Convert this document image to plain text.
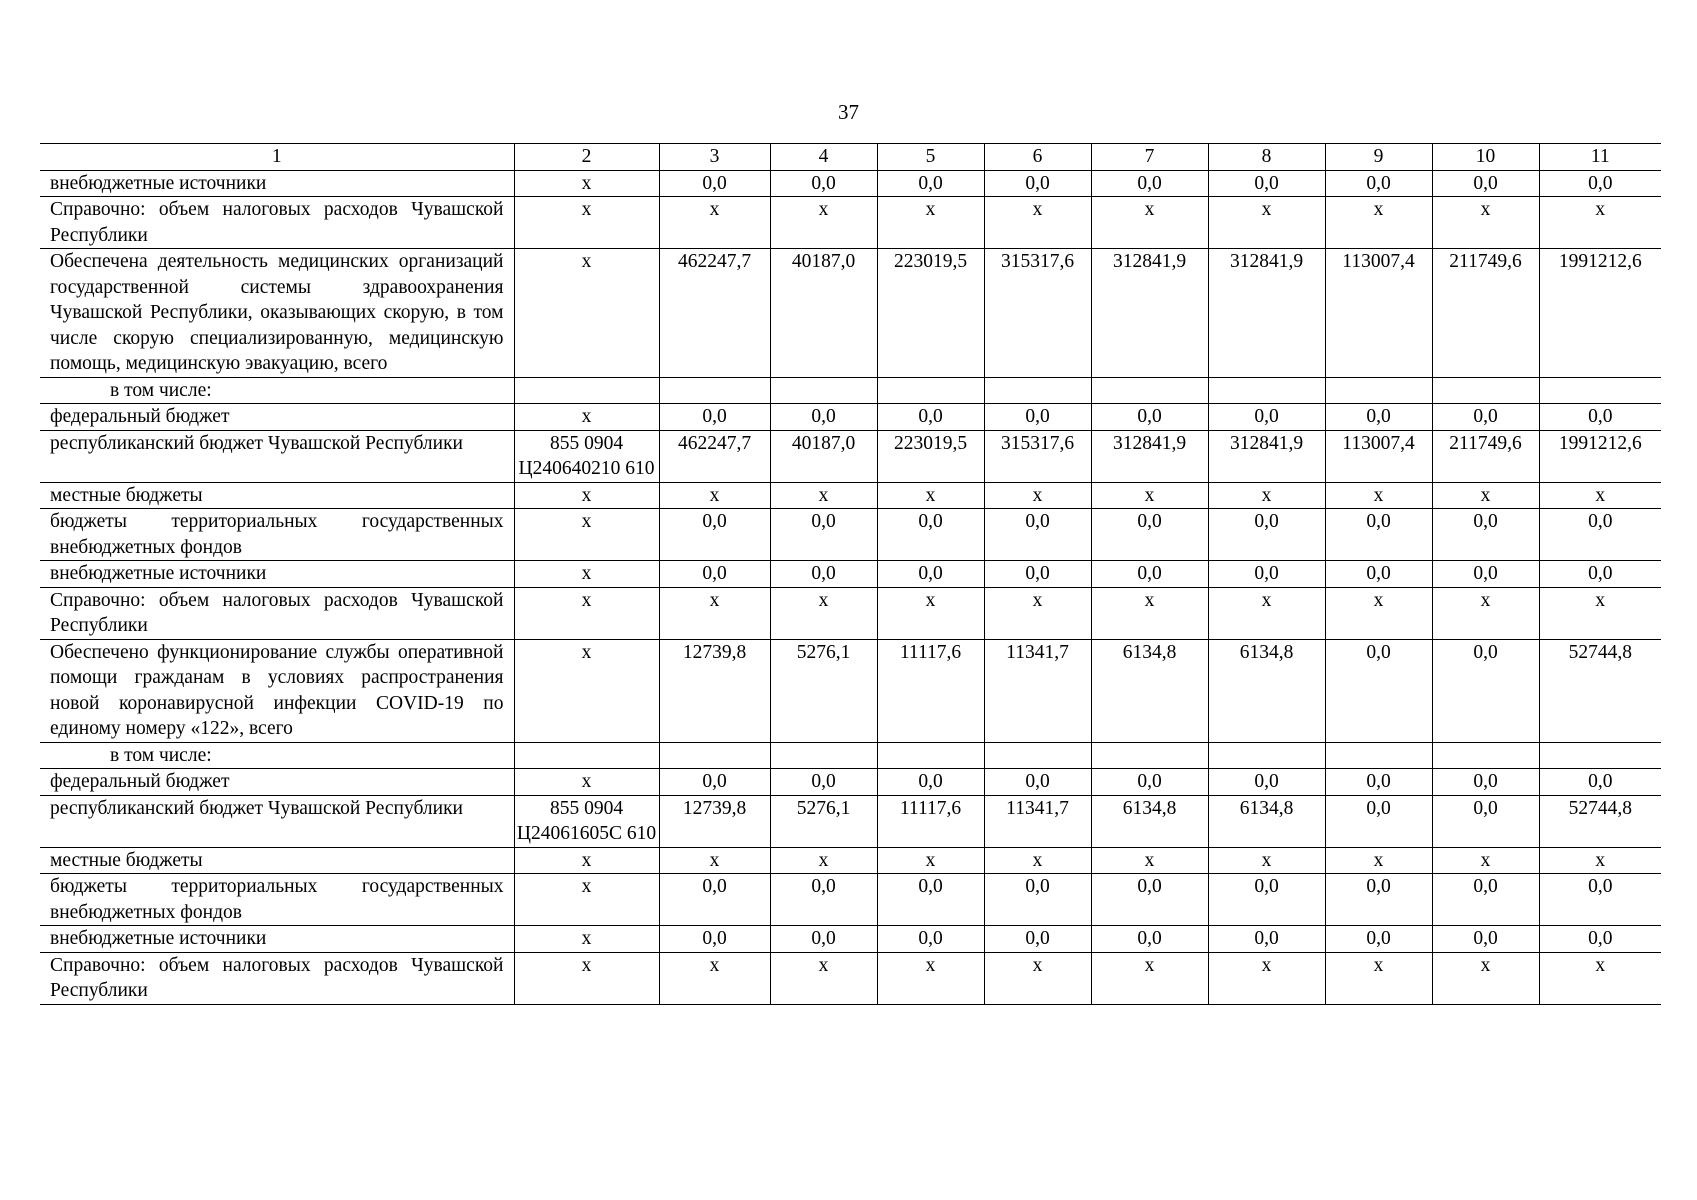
37
1	2	3	4	5	6	7	8	9	10	11
внебюджетные источники	x	0,0	0,0	0,0	0,0	0,0	0,0	0,0	0,0	0,0
Справочно: объем налоговых расходов Чувашской Республики	x	x	x	x	x	x	x	x	x	x
Обеспечена деятельность медицинских организаций государственной системы здравоохранения Чувашской Республики, оказывающих скорую, в том числе скорую специализированную, медицинскую помощь, медицинскую эвакуацию, всего	x	462247,7	40187,0	223019,5	315317,6	312841,9	312841,9	113007,4	211749,6	1991212,6
в том числе:										
федеральный бюджет	x	0,0	0,0	0,0	0,0	0,0	0,0	0,0	0,0	0,0
республиканский бюджет Чувашской Республики	855 0904 Ц240640210 610	462247,7	40187,0	223019,5	315317,6	312841,9	312841,9	113007,4	211749,6	1991212,6
местные бюджеты	x	x	x	x	x	x	x	x	x	x
бюджеты территориальных государственных внебюджетных фондов	x	0,0	0,0	0,0	0,0	0,0	0,0	0,0	0,0	0,0
внебюджетные источники	x	0,0	0,0	0,0	0,0	0,0	0,0	0,0	0,0	0,0
Справочно: объем налоговых расходов Чувашской Республики	x	x	x	x	x	x	x	x	x	x
Обеспечено функционирование службы оперативной помощи гражданам в условиях распространения новой коронавирусной инфекции COVID-19 по единому номеру «122», всего	x	12739,8	5276,1	11117,6	11341,7	6134,8	6134,8	0,0	0,0	52744,8
в том числе:										
федеральный бюджет	x	0,0	0,0	0,0	0,0	0,0	0,0	0,0	0,0	0,0
республиканский бюджет Чувашской Республики	855 0904 Ц24061605С 610	12739,8	5276,1	11117,6	11341,7	6134,8	6134,8	0,0	0,0	52744,8
местные бюджеты	x	x	x	x	x	x	x	x	x	x
бюджеты территориальных государственных внебюджетных фондов	x	0,0	0,0	0,0	0,0	0,0	0,0	0,0	0,0	0,0
внебюджетные источники	x	0,0	0,0	0,0	0,0	0,0	0,0	0,0	0,0	0,0
Справочно: объем налоговых расходов Чувашской Республики	x	x	x	x	x	x	x	x	x	x
